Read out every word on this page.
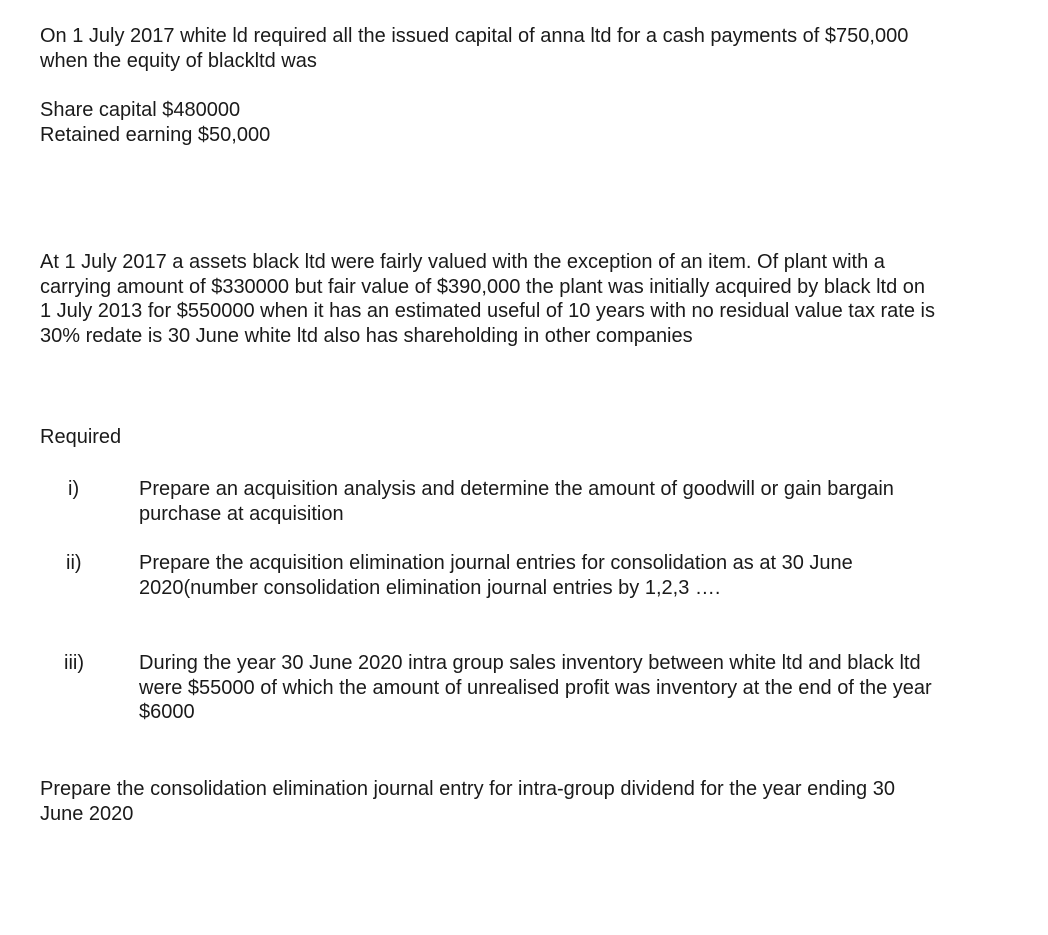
On 1 July 2017 white ld required all the issued capital of anna ltd for a cash payments of $750,000
when the equity of blackltd was
Share capital $480000
Retained earning $50,000
At 1 July 2017 a assets black ltd were fairly valued with the exception of an item. Of plant with a
carrying amount of $330000 but fair value of $390,000 the plant was initially acquired by black ltd on
1 July 2013 for $550000 when it has an estimated useful of 10 years with no residual value tax rate is
30% redate is 30 June white ltd also has shareholding in other companies
Required
i)	Prepare an acquisition analysis and determine the amount of goodwill or gain bargain
purchase at acquisition
ii)	Prepare the acquisition elimination journal entries for consolidation as at 30 June
2020(number consolidation elimination journal entries by 1,2,3 ….
iii)	During the year 30 June 2020 intra group sales inventory between white ltd and black ltd
were $55000 of which the amount of unrealised profit was inventory at the end of the year
$6000
Prepare the consolidation elimination journal entry for intra-group dividend for the year ending 30
June 2020
